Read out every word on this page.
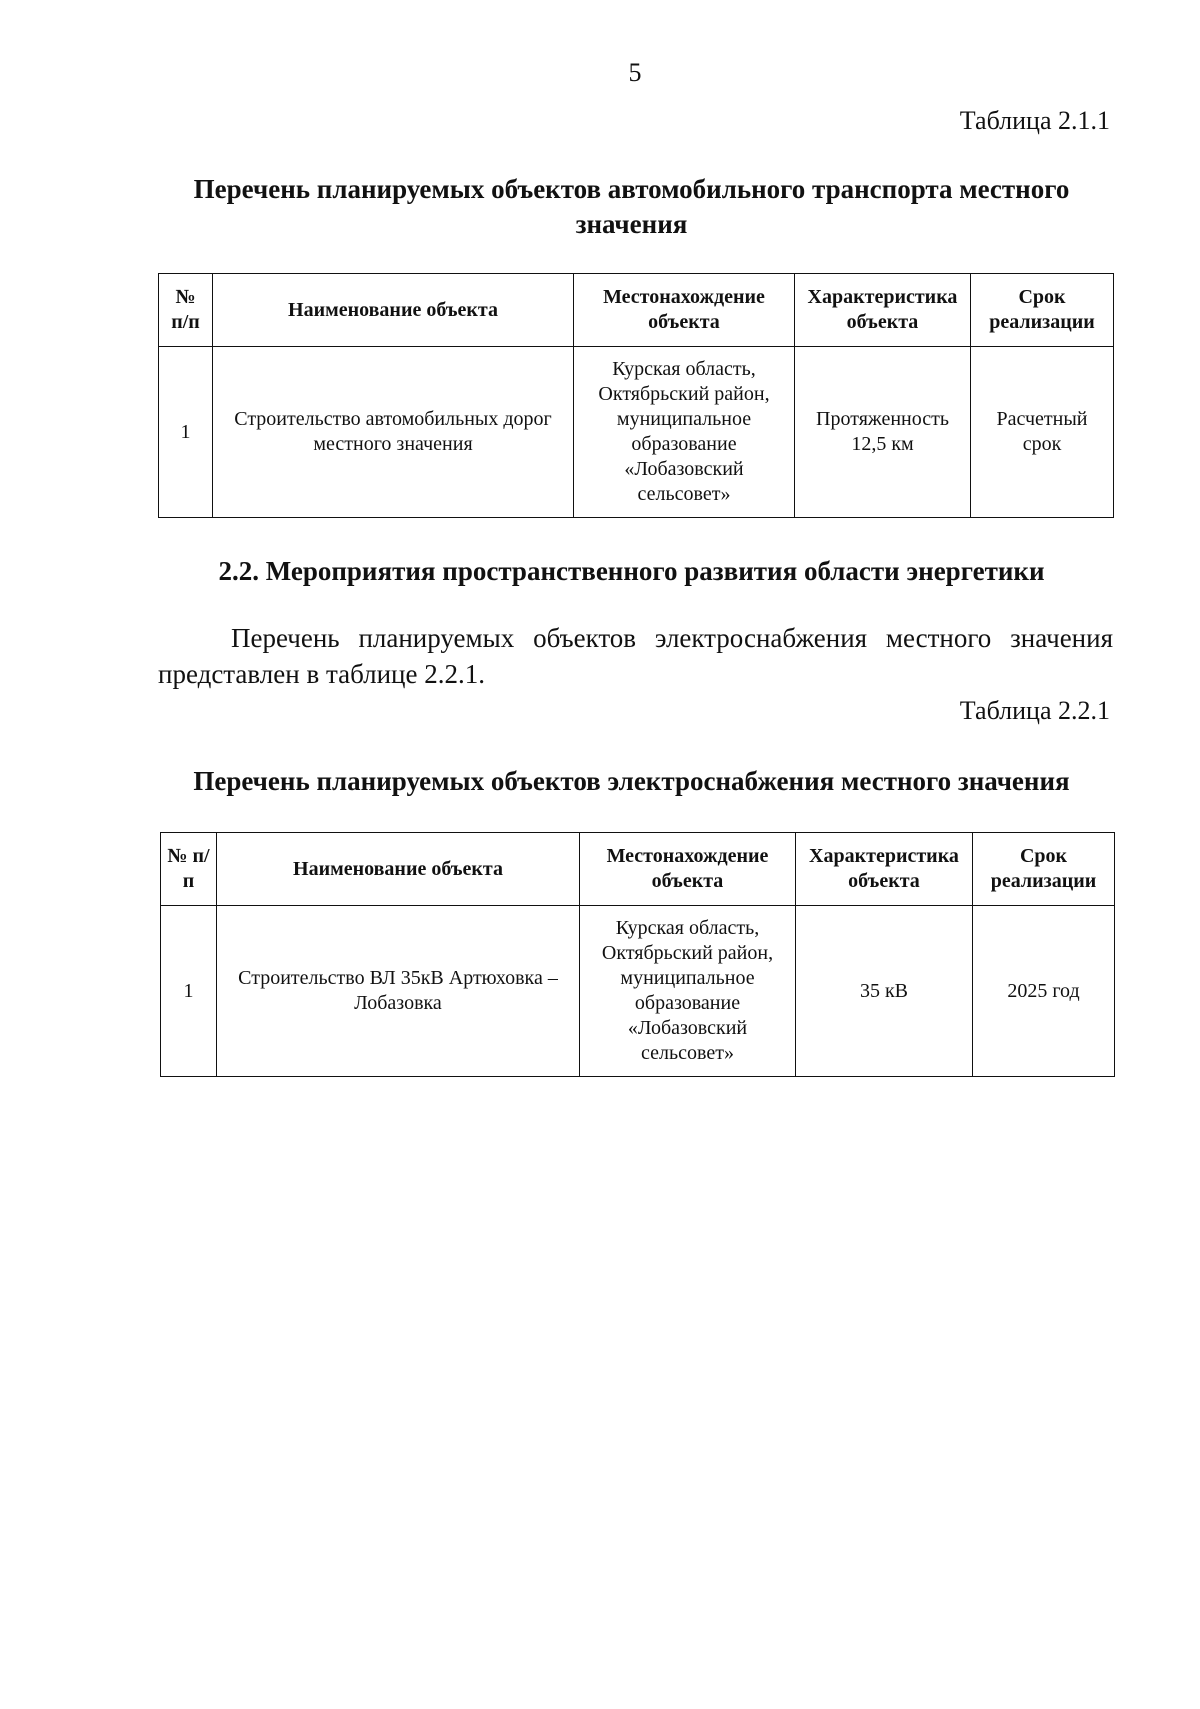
5
Таблица 2.1.1
Перечень планируемых объектов автомобильного транспорта местного значения
№ п/п	Наименование объекта	Местонахождение объекта	Характеристика объекта	Срок реализации
1	Строительство автомобильных дорог местного значения	Курская область, Октябрьский район, муниципальное образование «Лобазовский сельсовет»	Протяженность 12,5 км	Расчетный срок
2.2. Мероприятия пространственного развития области энергетики
Перечень планируемых объектов электроснабжения местного значения представлен в таблице 2.2.1.
Таблица 2.2.1
Перечень планируемых объектов электроснабжения местного значения
№ п/п	Наименование объекта	Местонахождение объекта	Характеристика объекта	Срок реализации
1	Строительство ВЛ 35кВ Артюховка – Лобазовка	Курская область, Октябрьский район, муниципальное образование «Лобазовский сельсовет»	35 кВ	2025 год
